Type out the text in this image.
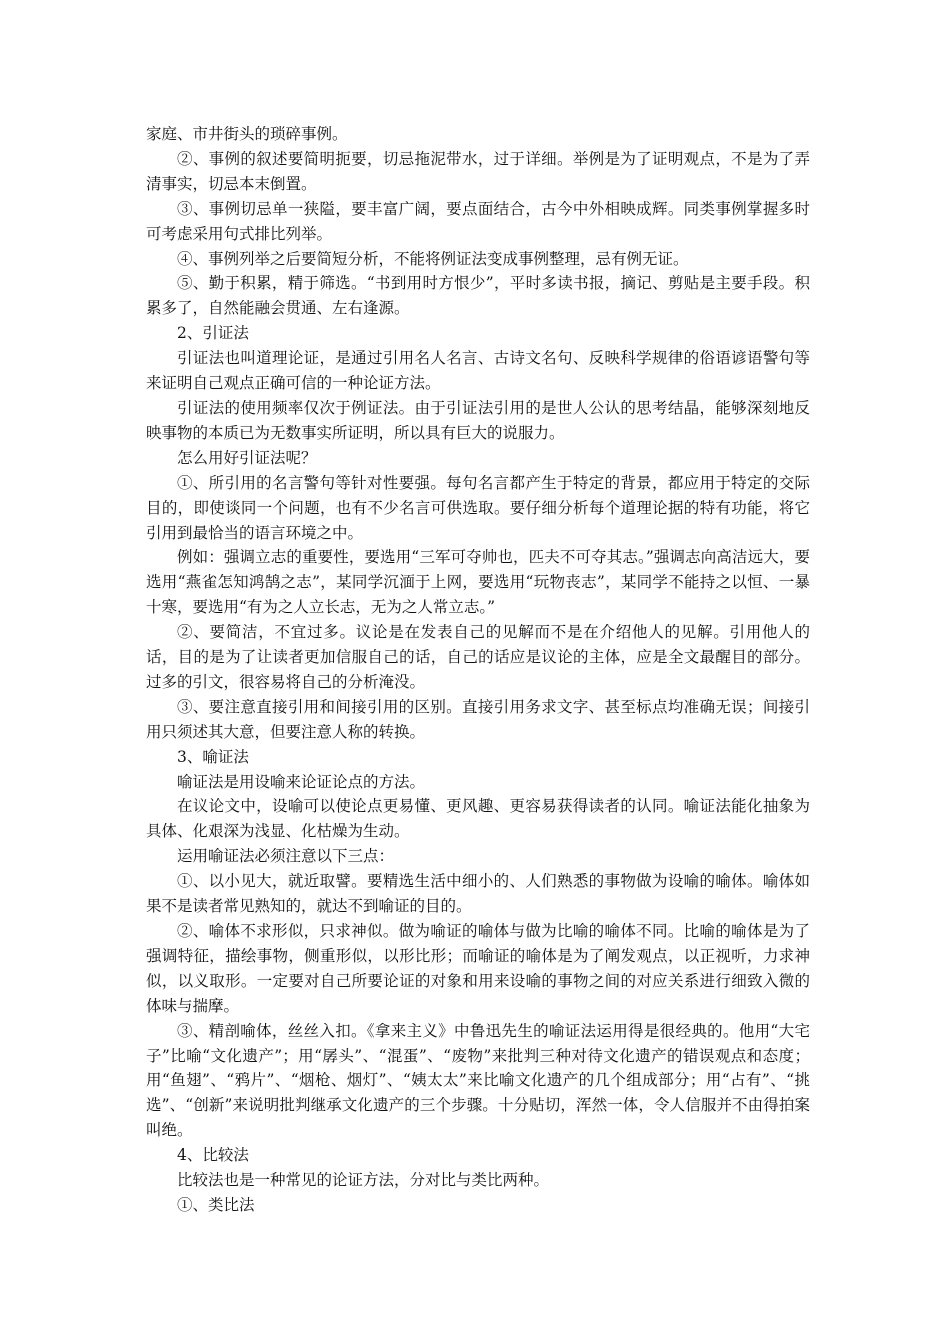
家庭、市井街头的琐碎事例。

②、事例的叙述要简明扼要，切忌拖泥带水，过于详细。举例是为了证明观点，不是为了弄清事实，切忌本末倒置。

③、事例切忌单一狭隘，要丰富广阔，要点面结合，古今中外相映成辉。同类事例掌握多时可考虑采用句式排比列举。

④、事例列举之后要简短分析，不能将例证法变成事例整理，忌有例无证。

⑤、勤于积累，精于筛选。“书到用时方恨少”，平时多读书报，摘记、剪贴是主要手段。积累多了，自然能融会贯通、左右逢源。

2、引证法

引证法也叫道理论证，是通过引用名人名言、古诗文名句、反映科学规律的俗语谚语警句等来证明自己观点正确可信的一种论证方法。

引证法的使用频率仅次于例证法。由于引证法引用的是世人公认的思考结晶，能够深刻地反映事物的本质已为无数事实所证明，所以具有巨大的说服力。

怎么用好引证法呢？

①、所引用的名言警句等针对性要强。每句名言都产生于特定的背景，都应用于特定的交际目的，即使谈同一个问题，也有不少名言可供选取。要仔细分析每个道理论据的特有功能，将它引用到最恰当的语言环境之中。

例如：强调立志的重要性，要选用“三军可夺帅也，匹夫不可夺其志。”强调志向高洁远大，要选用“燕雀怎知鸿鹄之志”，某同学沉湎于上网，要选用“玩物丧志”，某同学不能持之以恒、一暴十寒，要选用“有为之人立长志，无为之人常立志。”

②、要简洁，不宜过多。议论是在发表自己的见解而不是在介绍他人的见解。引用他人的话，目的是为了让读者更加信服自己的话，自己的话应是议论的主体，应是全文最醒目的部分。过多的引文，很容易将自己的分析淹没。

③、要注意直接引用和间接引用的区别。直接引用务求文字、甚至标点均准确无误；间接引用只须述其大意，但要注意人称的转换。

3、喻证法

喻证法是用设喻来论证论点的方法。

在议论文中，设喻可以使论点更易懂、更风趣、更容易获得读者的认同。喻证法能化抽象为具体、化艰深为浅显、化枯燥为生动。

运用喻证法必须注意以下三点：

①、以小见大，就近取譬。要精选生活中细小的、人们熟悉的事物做为设喻的喻体。喻体如果不是读者常见熟知的，就达不到喻证的目的。

②、喻体不求形似，只求神似。做为喻证的喻体与做为比喻的喻体不同。比喻的喻体是为了强调特征，描绘事物，侧重形似，以形比形；而喻证的喻体是为了阐发观点，以正视听，力求神似，以义取形。一定要对自己所要论证的对象和用来设喻的事物之间的对应关系进行细致入微的体味与揣摩。

③、精剖喻体，丝丝入扣。《拿来主义》中鲁迅先生的喻证法运用得是很经典的。他用“大宅子”比喻“文化遗产”；用“孱头”、“混蛋”、“废物”来批判三种对待文化遗产的错误观点和态度；用“鱼翅”、“鸦片”、“烟枪、烟灯”、“姨太太”来比喻文化遗产的几个组成部分；用“占有”、“挑选”、“创新”来说明批判继承文化遗产的三个步骤。十分贴切，浑然一体，令人信服并不由得拍案叫绝。

4、比较法

比较法也是一种常见的论证方法，分对比与类比两种。

①、类比法
